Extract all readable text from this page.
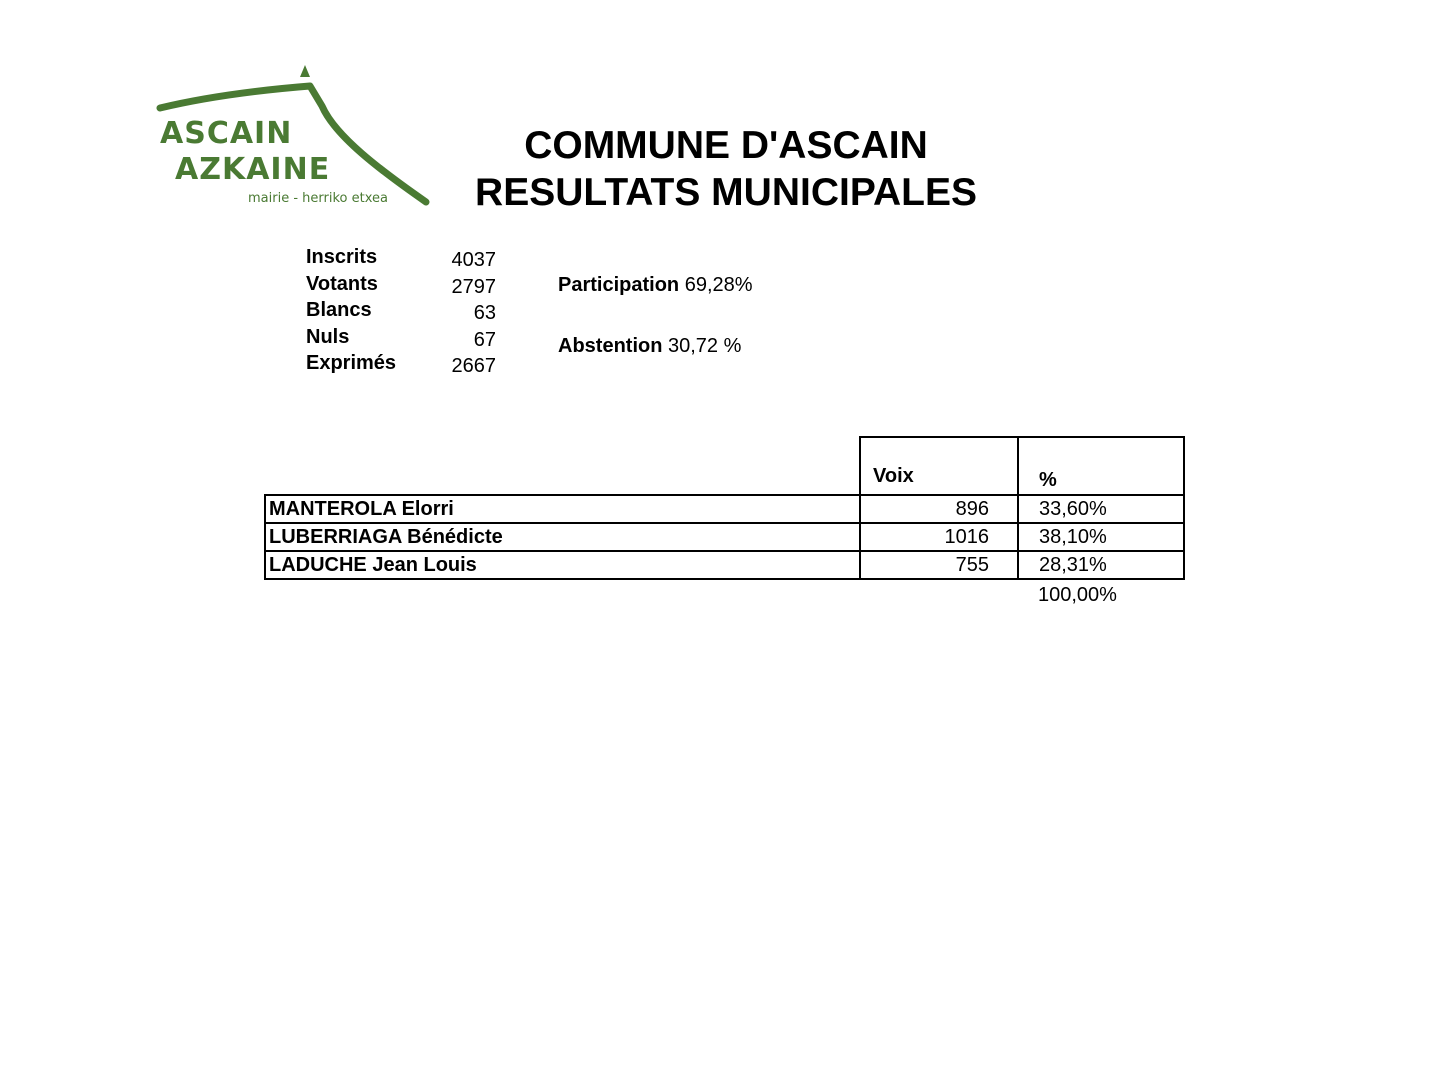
ASCAIN
AZKAINE
mairie - herriko etxea
COMMUNE D'ASCAIN
RESULTATS MUNICIPALES
Inscrits	4037
Votants	2797
Blancs	63
Nuls	67
Exprimés	2667
Participation 69,28%
Abstention 30,72 %
	Voix	%
MANTEROLA Elorri	896	33,60%
LUBERRIAGA Bénédicte	1016	38,10%
LADUCHE Jean Louis	755	28,31%
		100,00%
